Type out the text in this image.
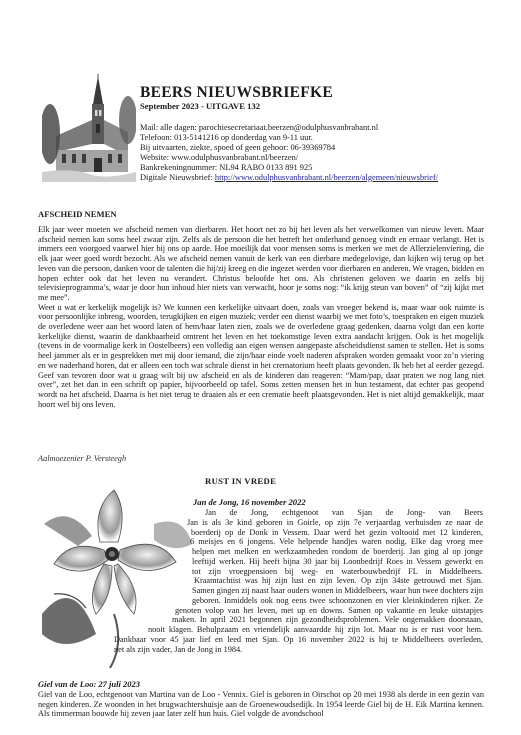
BEERS NIEUWSBRIEFKE
September 2023 - UITGAVE 132
Mail: alle dagen: parochiesecretariaat.beerzen@odulphusvanbrabant.nl
Telefoon: 013-5141216 op donderdag van 9-11 uur.
Bij uitvaarten, ziekte, spoed of geen gehoor: 06-39369784
Website: www.odulphusvanbrabant.nl/beerzen/
Bankrekeningnummer: NL94 RABO 0133 891 925
Digitale Nieuwsbrief: http://www.odulphusvanbrabant.nl/beerzen/algemeen/nieuwsbrief/
AFSCHEID NEMEN

Elk jaar weer moeten we afscheid nemen van dierbaren. Het hoort net zo bij het leven als het verwelkomen van nieuw leven. Maar afscheid nemen kan soms heel zwaar zijn. Zelfs als de persoon die het betreft het onderhand genoeg vindt en ernaar verlangt. Het is immers een voorgoed vaarwel hier bij ons op aarde. Hoe moeilijk dat voor mensen soms is merken we met de Allerzielenviering, die elk jaar weer goed wordt bezocht. Als we afscheid nemen vanuit de kerk van een dierbare medegelovige, dan kijken wij terug op het leven van die persoon, danken voor de talenten die hij/zij kreeg en die ingezet werden voor dierbaren en anderen. We vragen, bidden en hopen echter ook dat het leven nu verandert. Christus beloofde het ons. Als christenen geloven we daarin en zelfs bij televisieprogramma’s, waar je door hun inhoud hier niets van verwacht, hoor je soms nog: “ik krijg steun van boven” of “zij kijkt met me mee”.

Weet u wat er kerkelijk mogelijk is? We kunnen een kerkelijke uitvaart doen, zoals van vroeger bekend is, maar waar ook ruimte is voor persoonlijke inbreng, woorden, terugkijken en eigen muziek; verder een dienst waarbij we met foto’s, toespraken en eigen muziek de overledene weer aan het woord laten of hem/haar laten zien, zoals we de overledene graag gedenken, daarna volgt dan een korte kerkelijke dienst, waarin de dankbaarheid omtrent het leven en het toekomstige leven extra aandacht krijgen. Ook is het mogelijk (tevens in de voormalige kerk in Oostelbeers) een volledig aan eigen wensen aangepaste afscheidsdienst samen te stellen. Het is soms heel jammer als er in gesprekken met mij door iemand, die zijn/haar einde voelt naderen afspraken worden gemaakt voor zo’n viering en we naderhand horen, dat er alleen een toch wat schrale dienst in het crematorium heeft plaats gevonden. Ik heb het al eerder gezegd. Geef van tevoren door wat u graag wilt bij uw afscheid en als de kinderen dan reageren: “Mam/pap, daar praten we nog lang niet over”, zet het dan in een schrift op papier, bijvoorbeeld op tafel. Soms zetten mensen het in hun testament, dat echter pas geopend wordt na het afscheid. Daarna is het niet terug te draaien als er een crematie heeft plaatsgevonden. Het is niet altijd gemakkelijk, maar hoort wel bij ons leven.

Aalmoezenier P. Versteegh
RUST IN VREDE
Jan de Jong, 16 november 2022
Jan de Jong, echtgenoot van Sjan de Jong- van Beers
Jan is als 3e kind geboren in Goirle, op zijn 7e verjaardag verhuisden ze naar de
boerderij op de Donk in Vessem. Daar werd het gezin voltooid met 12 kinderen,
6 meisjes en 6 jongens. Vele helpende handjes waren nodig. Elke dag vroeg mee
helpen met melken en werkzaamheden rondom de boerderij. Jan ging al op jonge
leeftijd werken. Hij heeft bijna 30 jaar bij Loonbedrijf Roes in Vessem gewerkt en
tot zijn vroegpensioen bij weg- en waterbouwbedrijf FL in Middelbeers.
Kraamtachtist was hij zijn lust en zijn leven. Op zijn 34ste getrouwd met Sjan.
Samen gingen zij naast haar ouders wonen in Middelbeers, waar hun twee dochters zijn
geboren. Inmiddels ook nog eens twee schoonzonen en vier kleinkinderen rijker. Ze
genoten volop van het leven, met up en downs. Samen op vakantie en leuke uitstapjes
maken. In april 2021 begonnen zijn gezondheidsproblemen. Vele ongemakken doorstaan,
nooit klagen. Behulpzaam en vriendelijk aanvaardde hij zijn lot. Maar nu is er rust voor hem.
Dankbaar voor 45 jaar lief en leed met Sjan. Op 16 november 2022 is hij te Middelbeers overleden,
net als zijn vader, Jan de Jong in 1984.
Giel van de Loo: 27 juli 2023
Giel van de Loo, echtgenoot van Martina van de Loo - Vennix. Giel is geboren in Oirschot op 20 mei 1938 als derde in een gezin van negen kinderen. Ze woonden in het brugwachtershuisje aan de Groenewoudsedijk. In 1954 leerde Giel bij de H. Eik Martina kennen. Als timmerman bouwde hij zeven jaar later zelf hun huis. Giel volgde de avondschool
